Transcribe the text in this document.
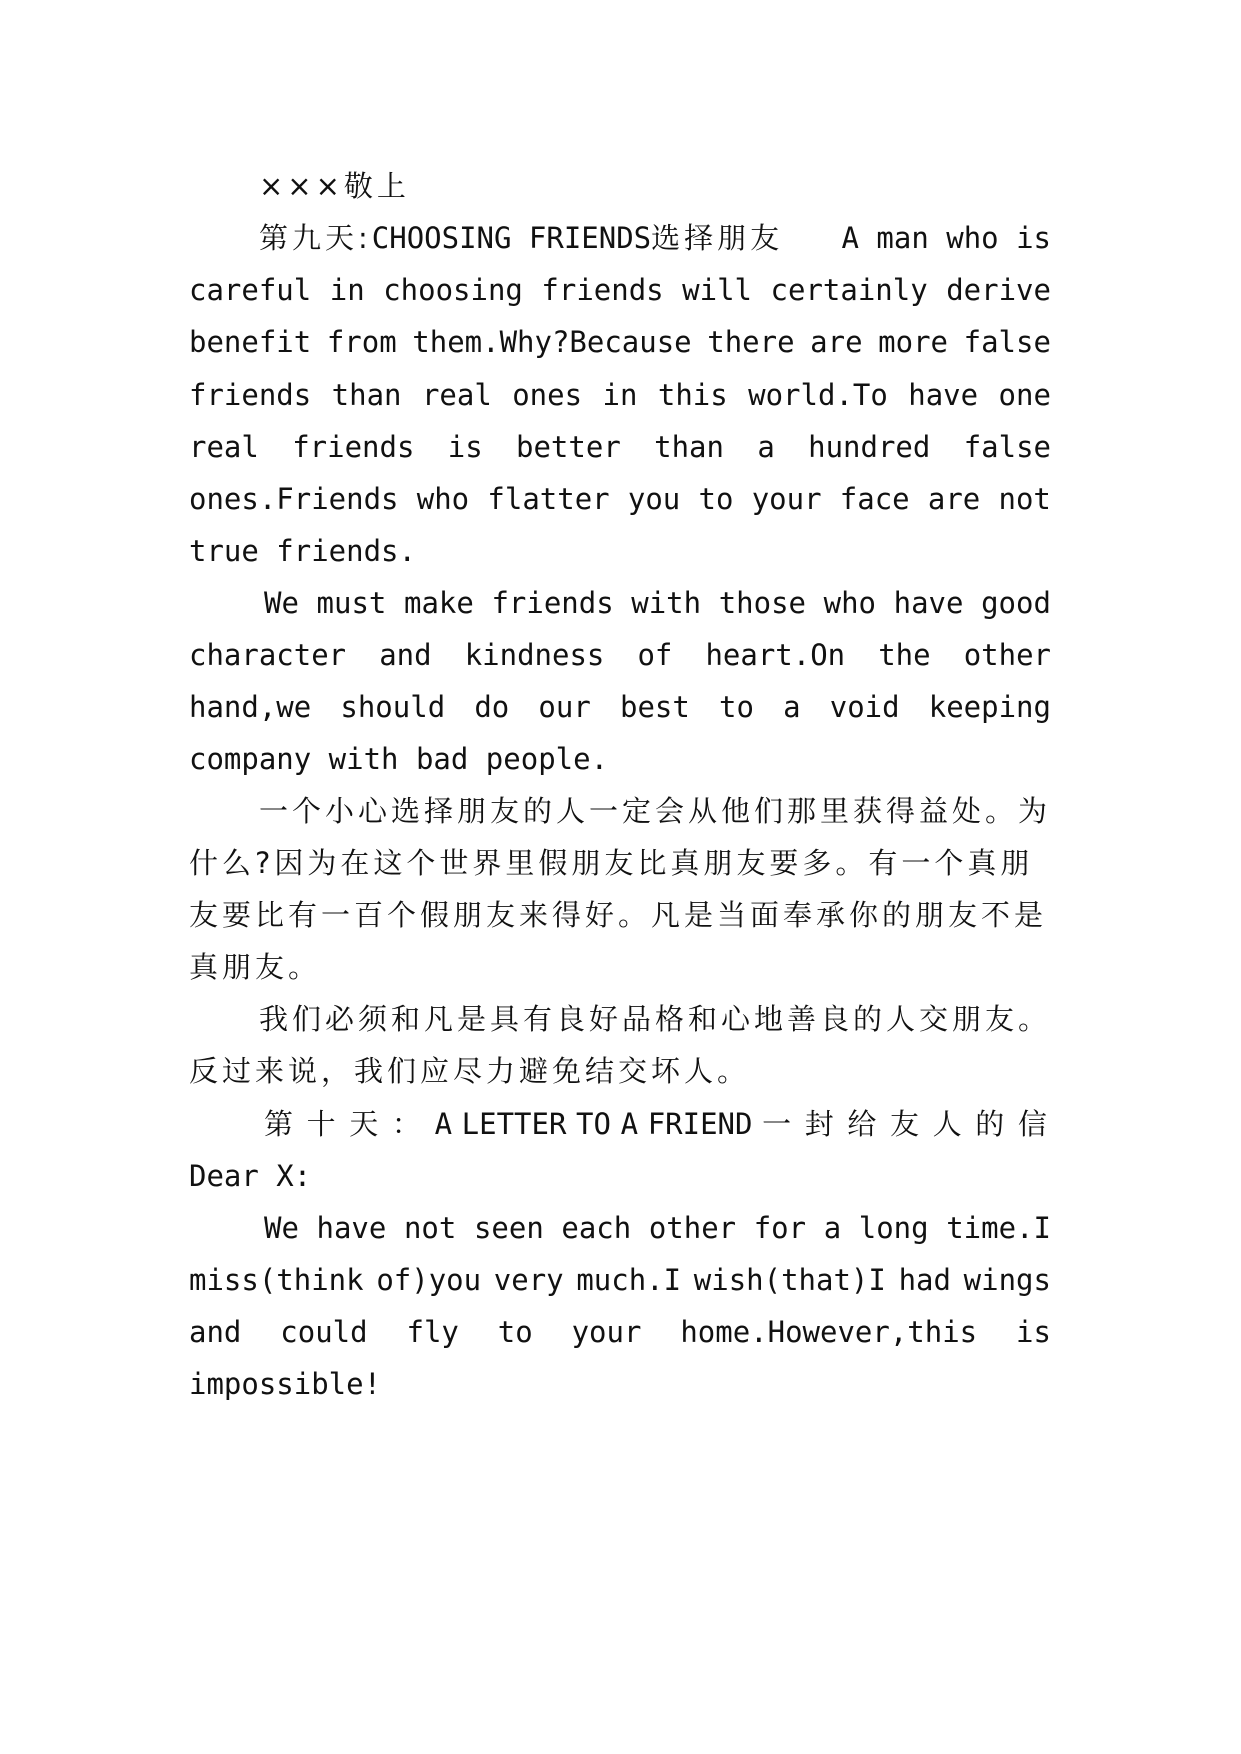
×××敬上
第九天:CHOOSING FRIENDS选择朋友 A man who is
careful in choosing friends will certainly derive
benefit from them.Why?Because there are more false
friends than real ones in this world.To have one
real friends is better than a hundred false
ones.Friends who flatter you to your face are not
true friends.
We must make friends with those who have good
character and kindness of heart.On the other
hand,we should do our best to a void keeping
company with bad people.
一个小心选择朋友的人一定会从他们那里获得益处。为
什么?因为在这个世界里假朋友比真朋友要多。有一个真朋
友要比有一百个假朋友来得好。凡是当面奉承你的朋友不是
真朋友。
我们必须和凡是具有良好品格和心地善良的人交朋友。
反过来说，我们应尽力避免结交坏人。
第 十 天 ： A LETTER TO A FRIEND 一 封 给 友 人 的 信
Dear X:
We have not seen each other for a long time.I
miss(think of)you very much.I wish(that)I had wings
and could fly to your home.However,this is
impossible!
